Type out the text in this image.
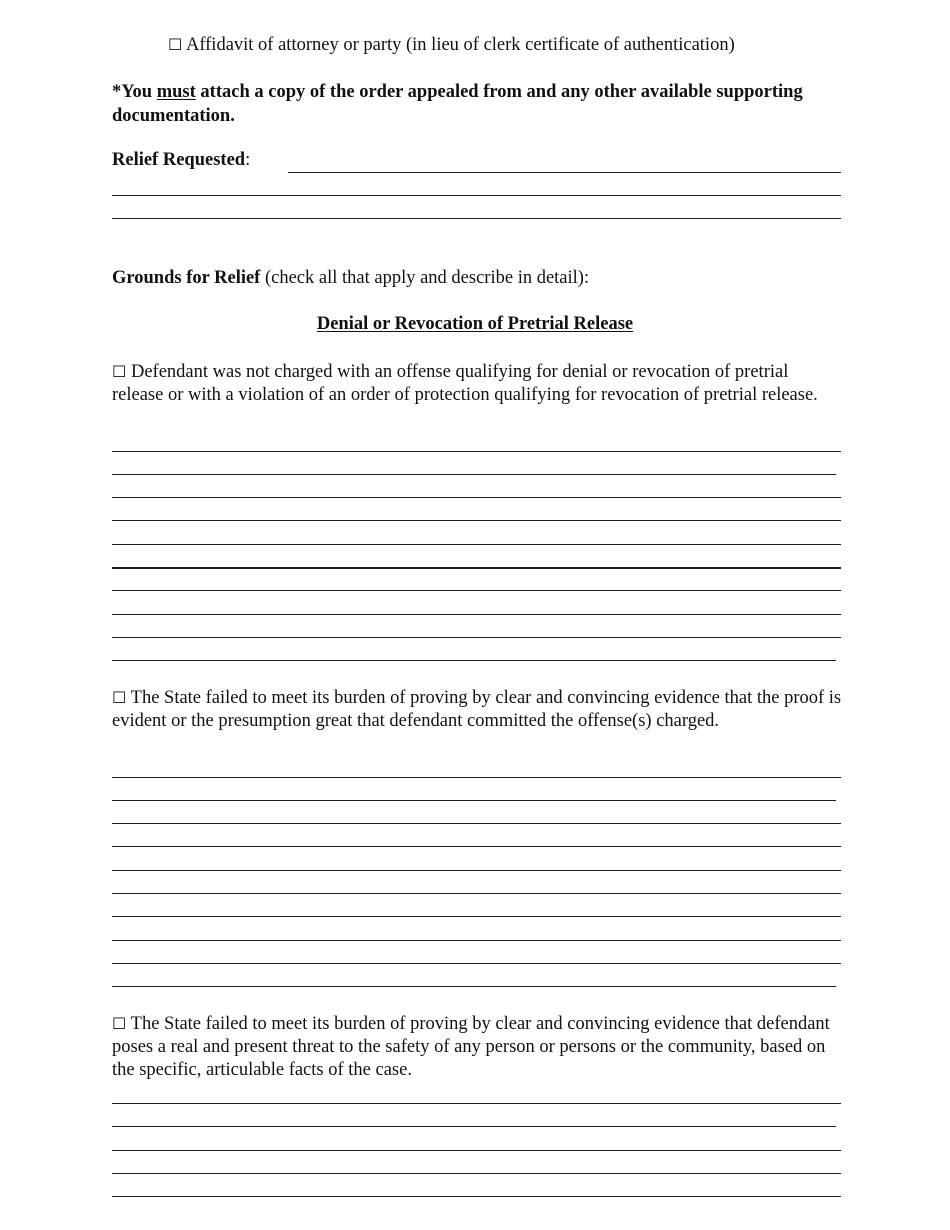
☐ Affidavit of attorney or party (in lieu of clerk certificate of authentication)
*You must attach a copy of the order appealed from and any other available supporting documentation.
Relief Requested:
Grounds for Relief (check all that apply and describe in detail):
Denial or Revocation of Pretrial Release
☐ Defendant was not charged with an offense qualifying for denial or revocation of pretrial release or with a violation of an order of protection qualifying for revocation of pretrial release.
☐ The State failed to meet its burden of proving by clear and convincing evidence that the proof is evident or the presumption great that defendant committed the offense(s) charged.
☐ The State failed to meet its burden of proving by clear and convincing evidence that defendant poses a real and present threat to the safety of any person or persons or the community, based on the specific, articulable facts of the case.
